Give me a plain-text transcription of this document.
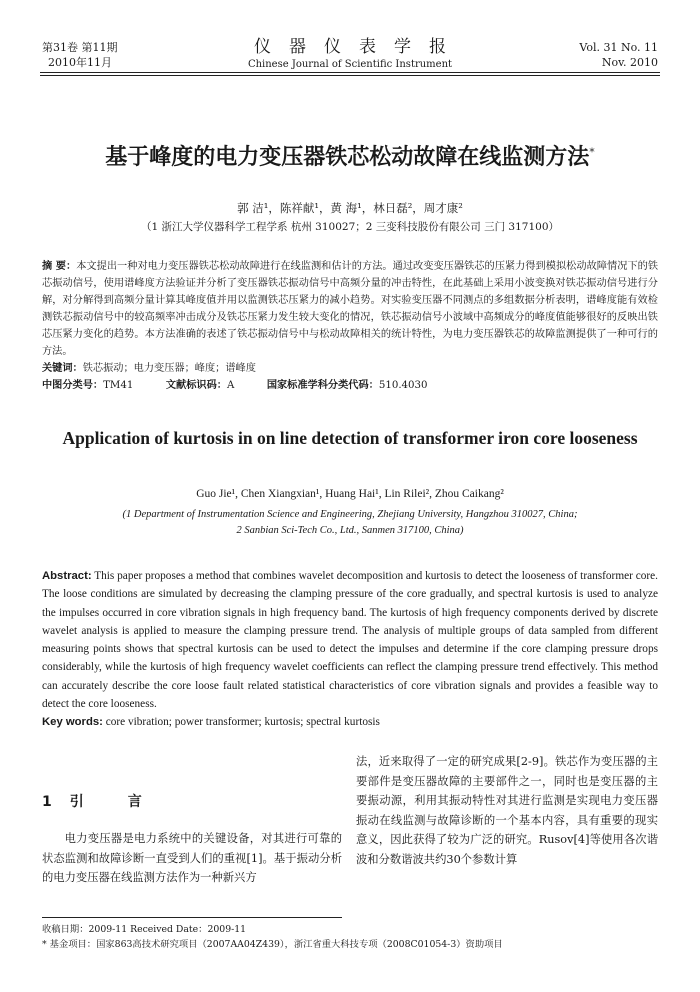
第31卷 第11期
2010年11月
仪器仪表学报
Chinese Journal of Scientific Instrument
Vol. 31 No. 11
Nov. 2010
基于峰度的电力变压器铁芯松动故障在线监测方法*
郭 洁¹，陈祥献¹，黄 海¹，林日磊²，周才康²
（1 浙江大学仪器科学工程学系 杭州 310027；2 三变科技股份有限公司 三门 317100）
摘 要：本文提出一种对电力变压器铁芯松动故障进行在线监测和估计的方法。通过改变变压器铁芯的压紧力得到模拟松动故障情况下的铁芯振动信号，使用谱峰度方法验证并分析了变压器铁芯振动信号中高频分量的冲击特性，在此基础上采用小波变换对铁芯振动信号进行分解，对分解得到高频分量计算其峰度值并用以监测铁芯压紧力的减小趋势。对实验变压器不同测点的多组数据分析表明，谱峰度能有效检测铁芯振动信号中的较高频率冲击成分及铁芯压紧力发生较大变化的情况，铁芯振动信号小波域中高频成分的峰度值能够很好的反映出铁芯压紧力变化的趋势。本方法准确的表述了铁芯振动信号中与松动故障相关的统计特性，为电力变压器铁芯的故障监测提供了一种可行的方法。
关键词：铁芯振动；电力变压器；峰度；谱峰度
中图分类号：TM41	文献标识码：A	国家标准学科分类代码：510.4030
Application of kurtosis in on line detection of transformer iron core looseness
Guo Jie¹, Chen Xiangxian¹, Huang Hai¹, Lin Rilei², Zhou Caikang²
(1 Department of Instrumentation Science and Engineering, Zhejiang University, Hangzhou 310027, China;
2 Sanbian Sci-Tech Co., Ltd., Sanmen 317100, China)
Abstract: This paper proposes a method that combines wavelet decomposition and kurtosis to detect the looseness of transformer core. The loose conditions are simulated by decreasing the clamping pressure of the core gradually, and spectral kurtosis is used to analyze the impulses occurred in core vibration signals in high frequency band. The kurtosis of high frequency components derived by discrete wavelet analysis is applied to measure the clamping pressure trend. The analysis of multiple groups of data sampled from different measuring points shows that spectral kurtosis can be used to detect the impulses and determine if the core clamping pressure drops considerably, while the kurtosis of high frequency wavelet coefficients can reflect the clamping pressure trend effectively. This method can accurately describe the core loose fault related statistical characteristics of core vibration signals and provides a feasible way to detect the core looseness.
Key words: core vibration; power transformer; kurtosis; spectral kurtosis
1 引	言
电力变压器是电力系统中的关键设备，对其进行可靠的状态监测和故障诊断一直受到人们的重视[1]。基于振动分析的电力变压器在线监测方法作为一种新兴方
法，近来取得了一定的研究成果[2-9]。铁芯作为变压器的主要部件是变压器故障的主要部件之一，同时也是变压器的主要振动源，利用其振动特性对其进行监测是实现电力变压器振动在线监测与故障诊断的一个基本内容，具有重要的现实意义，因此获得了较为广泛的研究。Rusov[4]等使用各次谐波和分数谐波共约30个参数计算
收稿日期：2009-11 Received Date：2009-11
* 基金项目：国家863高技术研究项目（2007AA04Z439），浙江省重大科技专项（2008C01054-3）资助项目
